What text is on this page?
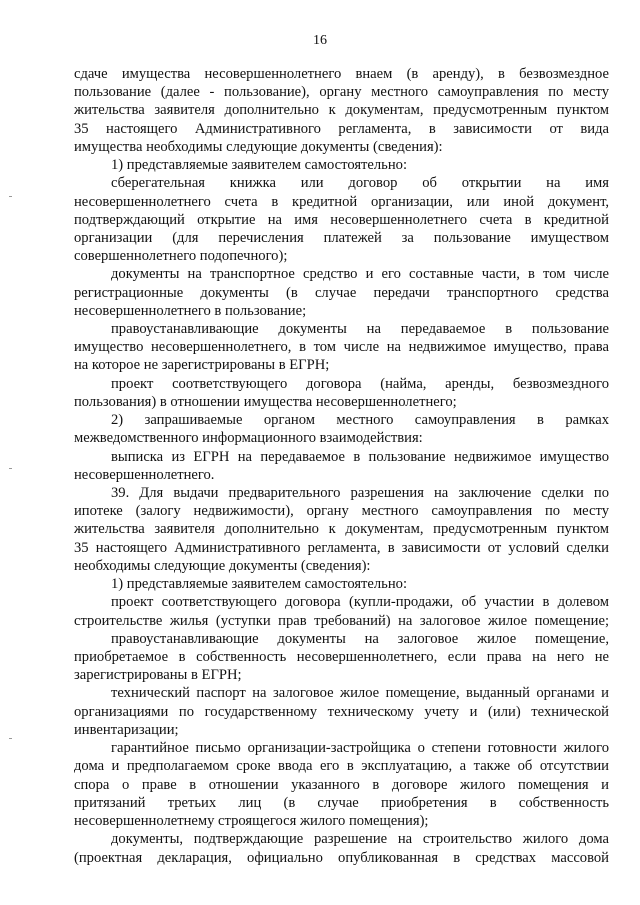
16
сдаче имущества несовершеннолетнего внаем (в аренду), в безвозмездное
пользование (далее - пользование), органу местного самоуправления по месту
жительства заявителя дополнительно к документам, предусмотренным пунктом
35 настоящего Административного регламента, в зависимости от вида
имущества необходимы следующие документы (сведения):
1) представляемые заявителем самостоятельно:
сберегательная книжка или договор об открытии на имя
несовершеннолетнего счета в кредитной организации, или иной документ,
подтверждающий открытие на имя несовершеннолетнего счета в кредитной
организации (для перечисления платежей за пользование имуществом
совершеннолетнего подопечного);
документы на транспортное средство и его составные части, в том числе
регистрационные документы (в случае передачи транспортного средства
несовершеннолетнего в пользование;
правоустанавливающие документы на передаваемое в пользование
имущество несовершеннолетнего, в том числе на недвижимое имущество, права
на которое не зарегистрированы в ЕГРН;
проект соответствующего договора (найма, аренды, безвозмездного
пользования) в отношении имущества несовершеннолетнего;
2) запрашиваемые органом местного самоуправления в рамках
межведомственного информационного взаимодействия:
выписка из ЕГРН на передаваемое в пользование недвижимое имущество
несовершеннолетнего.
39. Для выдачи предварительного разрешения на заключение сделки по
ипотеке (залогу недвижимости), органу местного самоуправления по месту
жительства заявителя дополнительно к документам, предусмотренным пунктом
35 настоящего Административного регламента, в зависимости от условий сделки
необходимы следующие документы (сведения):
1) представляемые заявителем самостоятельно:
проект соответствующего договора (купли-продажи, об участии в долевом
строительстве жилья (уступки прав требований) на залоговое жилое помещение;
правоустанавливающие документы на залоговое жилое помещение,
приобретаемое в собственность несовершеннолетнего, если права на него не
зарегистрированы в ЕГРН;
технический паспорт на залоговое жилое помещение, выданный органами и
организациями по государственному техническому учету и (или) технической
инвентаризации;
гарантийное письмо организации-застройщика о степени готовности жилого
дома и предполагаемом сроке ввода его в эксплуатацию, а также об отсутствии
спора о праве в отношении указанного в договоре жилого помещения и
притязаний третьих лиц (в случае приобретения в собственность
несовершеннолетнему строящегося жилого помещения);
документы, подтверждающие разрешение на строительство жилого дома
(проектная декларация, официально опубликованная в средствах массовой
